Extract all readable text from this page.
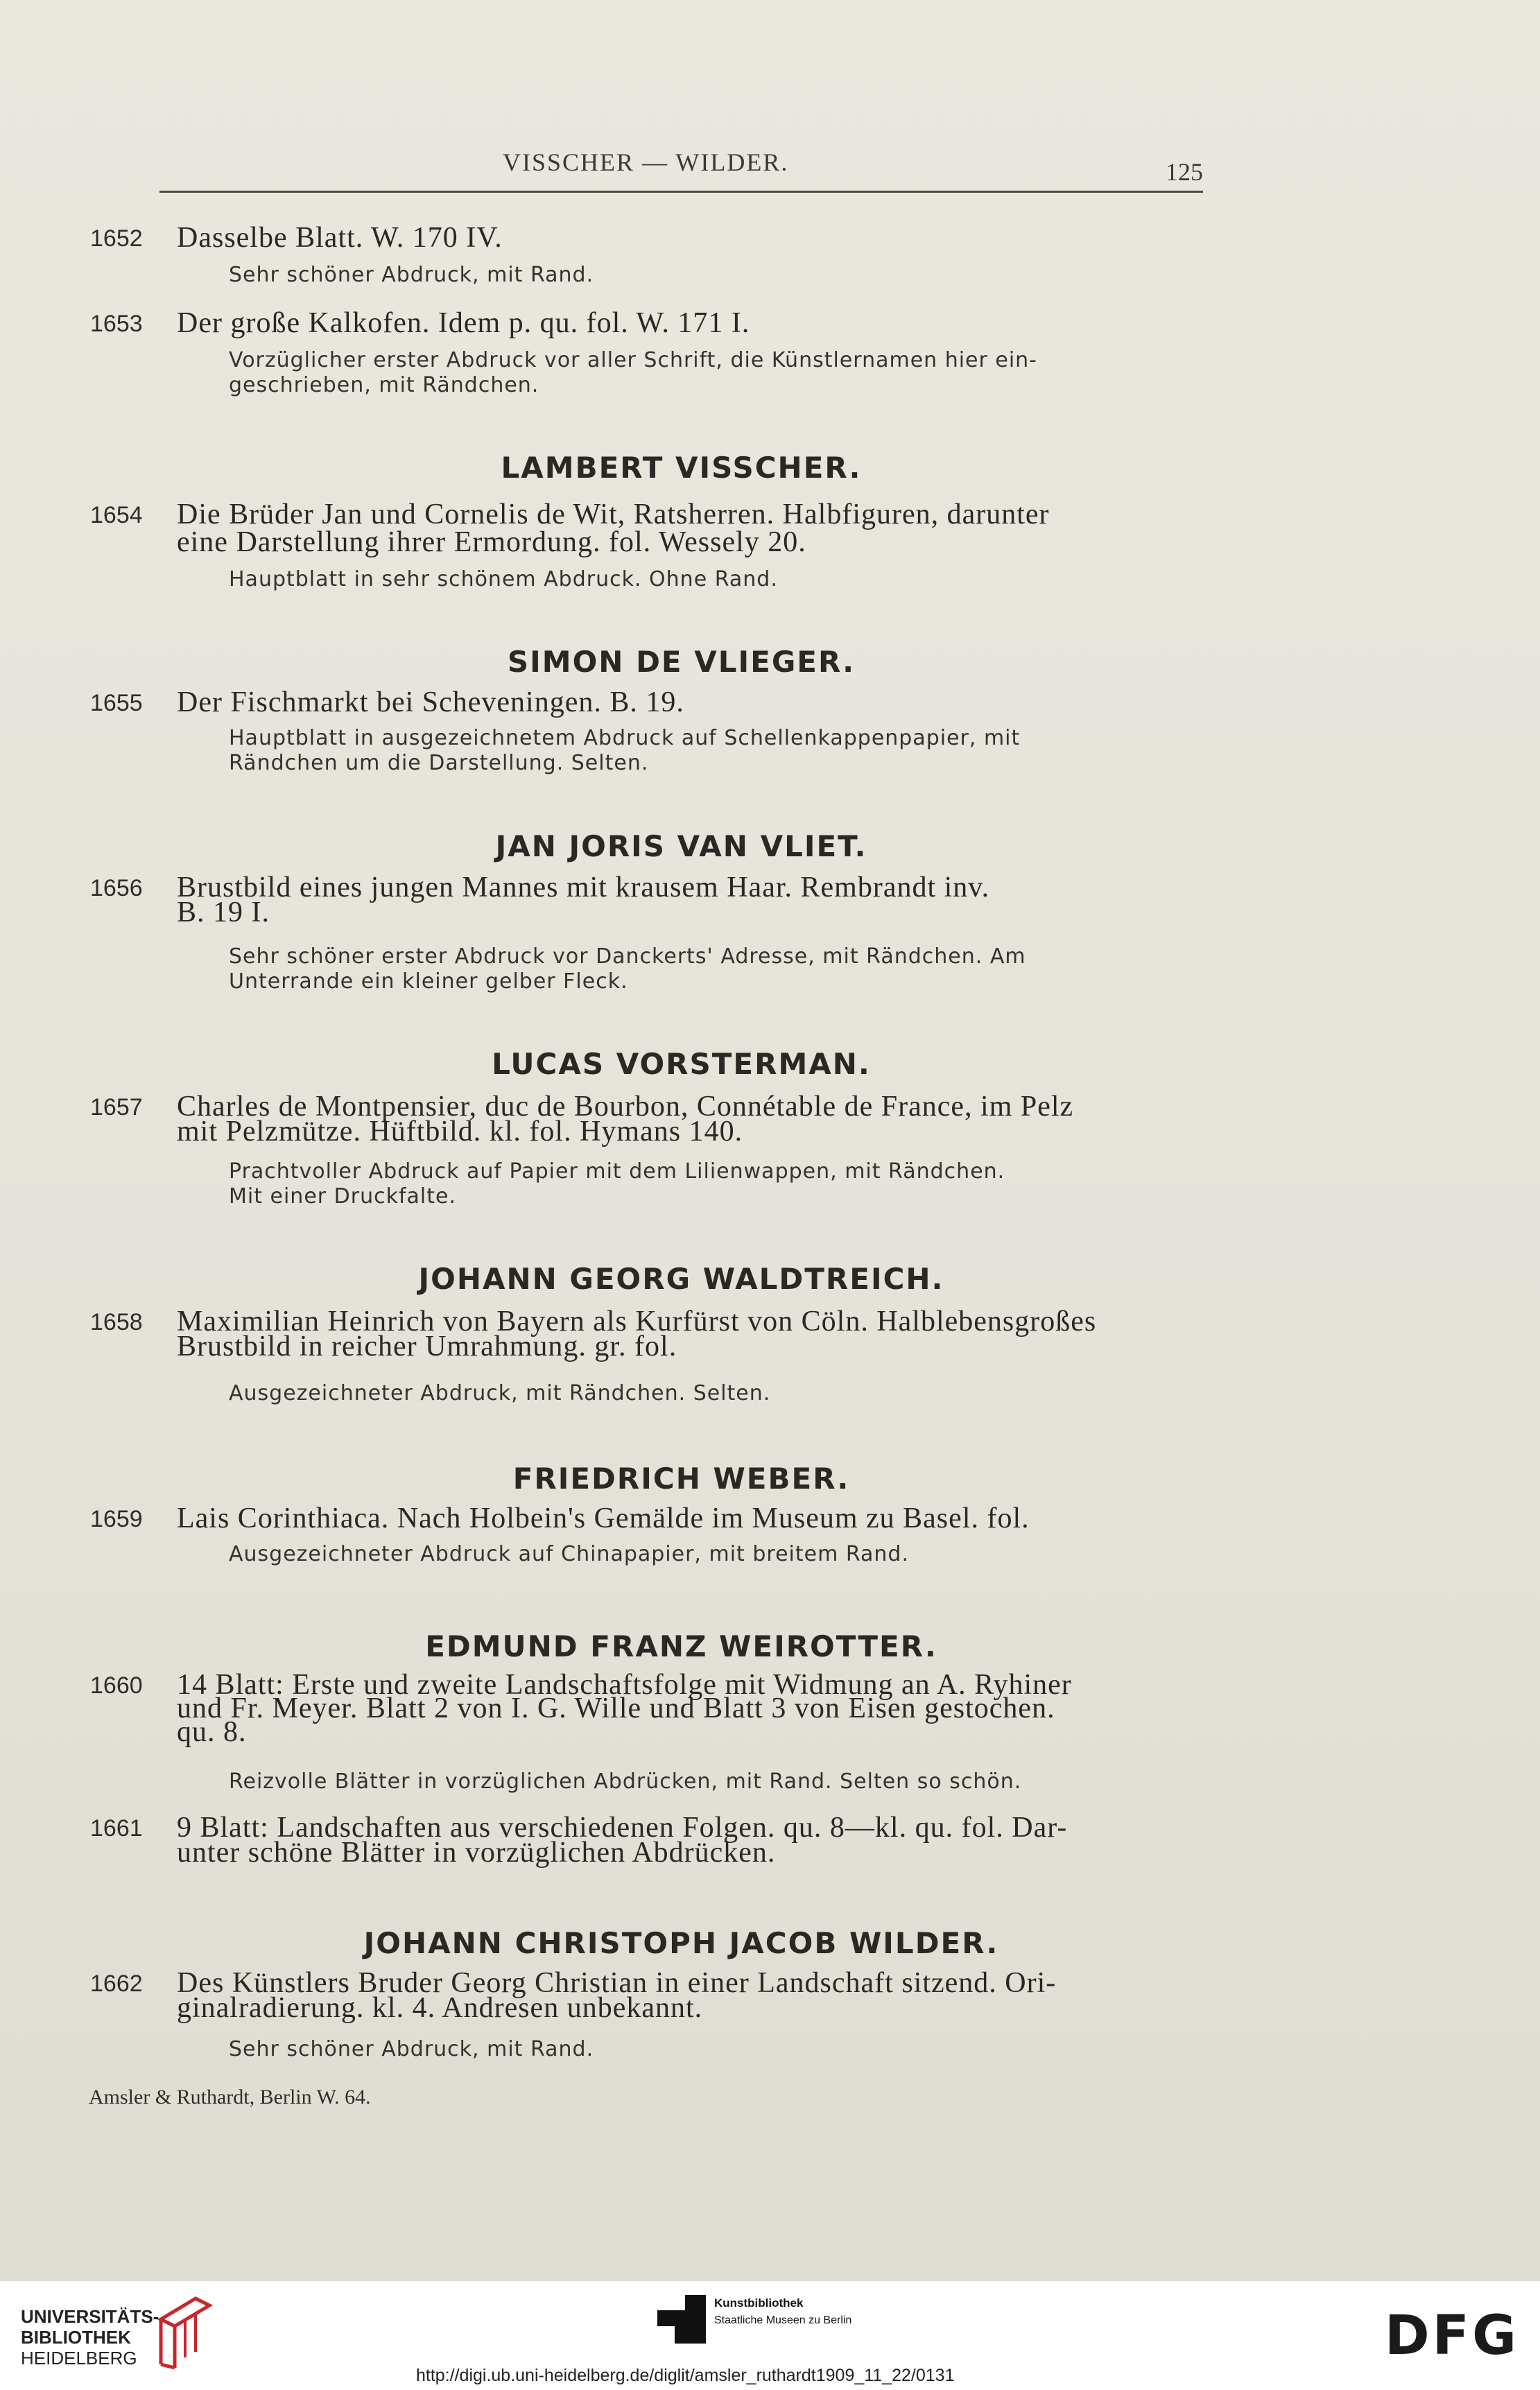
VISSCHER — WILDER.	125
1652 Dasselbe Blatt. W. 170 IV.
Sehr schöner Abdruck, mit Rand.
1653 Der große Kalkofen. Idem p. qu. fol. W. 171 I.
Vorzüglicher erster Abdruck vor aller Schrift, die Künstlernamen hier ein-
geschrieben, mit Rändchen.
LAMBERT VISSCHER.
1654 Die Brüder Jan und Cornelis de Wit, Ratsherren. Halbfiguren, darunter
eine Darstellung ihrer Ermordung. fol. Wessely 20.
Hauptblatt in sehr schönem Abdruck. Ohne Rand.
SIMON DE VLIEGER.
1655 Der Fischmarkt bei Scheveningen. B. 19.
Hauptblatt in ausgezeichnetem Abdruck auf Schellenkappenpapier, mit
Rändchen um die Darstellung. Selten.
JAN JORIS VAN VLIET.
1656 Brustbild eines jungen Mannes mit krausem Haar. Rembrandt inv.
B. 19 I.
Sehr schöner erster Abdruck vor Danckerts' Adresse, mit Rändchen. Am
Unterrande ein kleiner gelber Fleck.
LUCAS VORSTERMAN.
1657 Charles de Montpensier, duc de Bourbon, Connétable de France, im Pelz
mit Pelzmütze. Hüftbild. kl. fol. Hymans 140.
Prachtvoller Abdruck auf Papier mit dem Lilienwappen, mit Rändchen.
Mit einer Druckfalte.
JOHANN GEORG WALDTREICH.
1658 Maximilian Heinrich von Bayern als Kurfürst von Cöln. Halblebensgroßes
Brustbild in reicher Umrahmung. gr. fol.
Ausgezeichneter Abdruck, mit Rändchen. Selten.
FRIEDRICH WEBER.
1659 Lais Corinthiaca. Nach Holbein's Gemälde im Museum zu Basel. fol.
Ausgezeichneter Abdruck auf Chinapapier, mit breitem Rand.
EDMUND FRANZ WEIROTTER.
1660 14 Blatt: Erste und zweite Landschaftsfolge mit Widmung an A. Ryhiner
und Fr. Meyer. Blatt 2 von I. G. Wille und Blatt 3 von Eisen gestochen.
qu. 8.
Reizvolle Blätter in vorzüglichen Abdrücken, mit Rand. Selten so schön.
1661 9 Blatt: Landschaften aus verschiedenen Folgen. qu. 8—kl. qu. fol. Dar-
unter schöne Blätter in vorzüglichen Abdrücken.
JOHANN CHRISTOPH JACOB WILDER.
1662 Des Künstlers Bruder Georg Christian in einer Landschaft sitzend. Ori-
ginalradierung. kl. 4. Andresen unbekannt.
Sehr schöner Abdruck, mit Rand.
Amsler & Ruthardt, Berlin W. 64.
UNIVERSITÄTS-
BIBLIOTHEK
HEIDELBERG
Kunstbibliothek
Staatliche Museen zu Berlin	DFG
http://digi.ub.uni-heidelberg.de/diglit/amsler_ruthardt1909_11_22/0131
